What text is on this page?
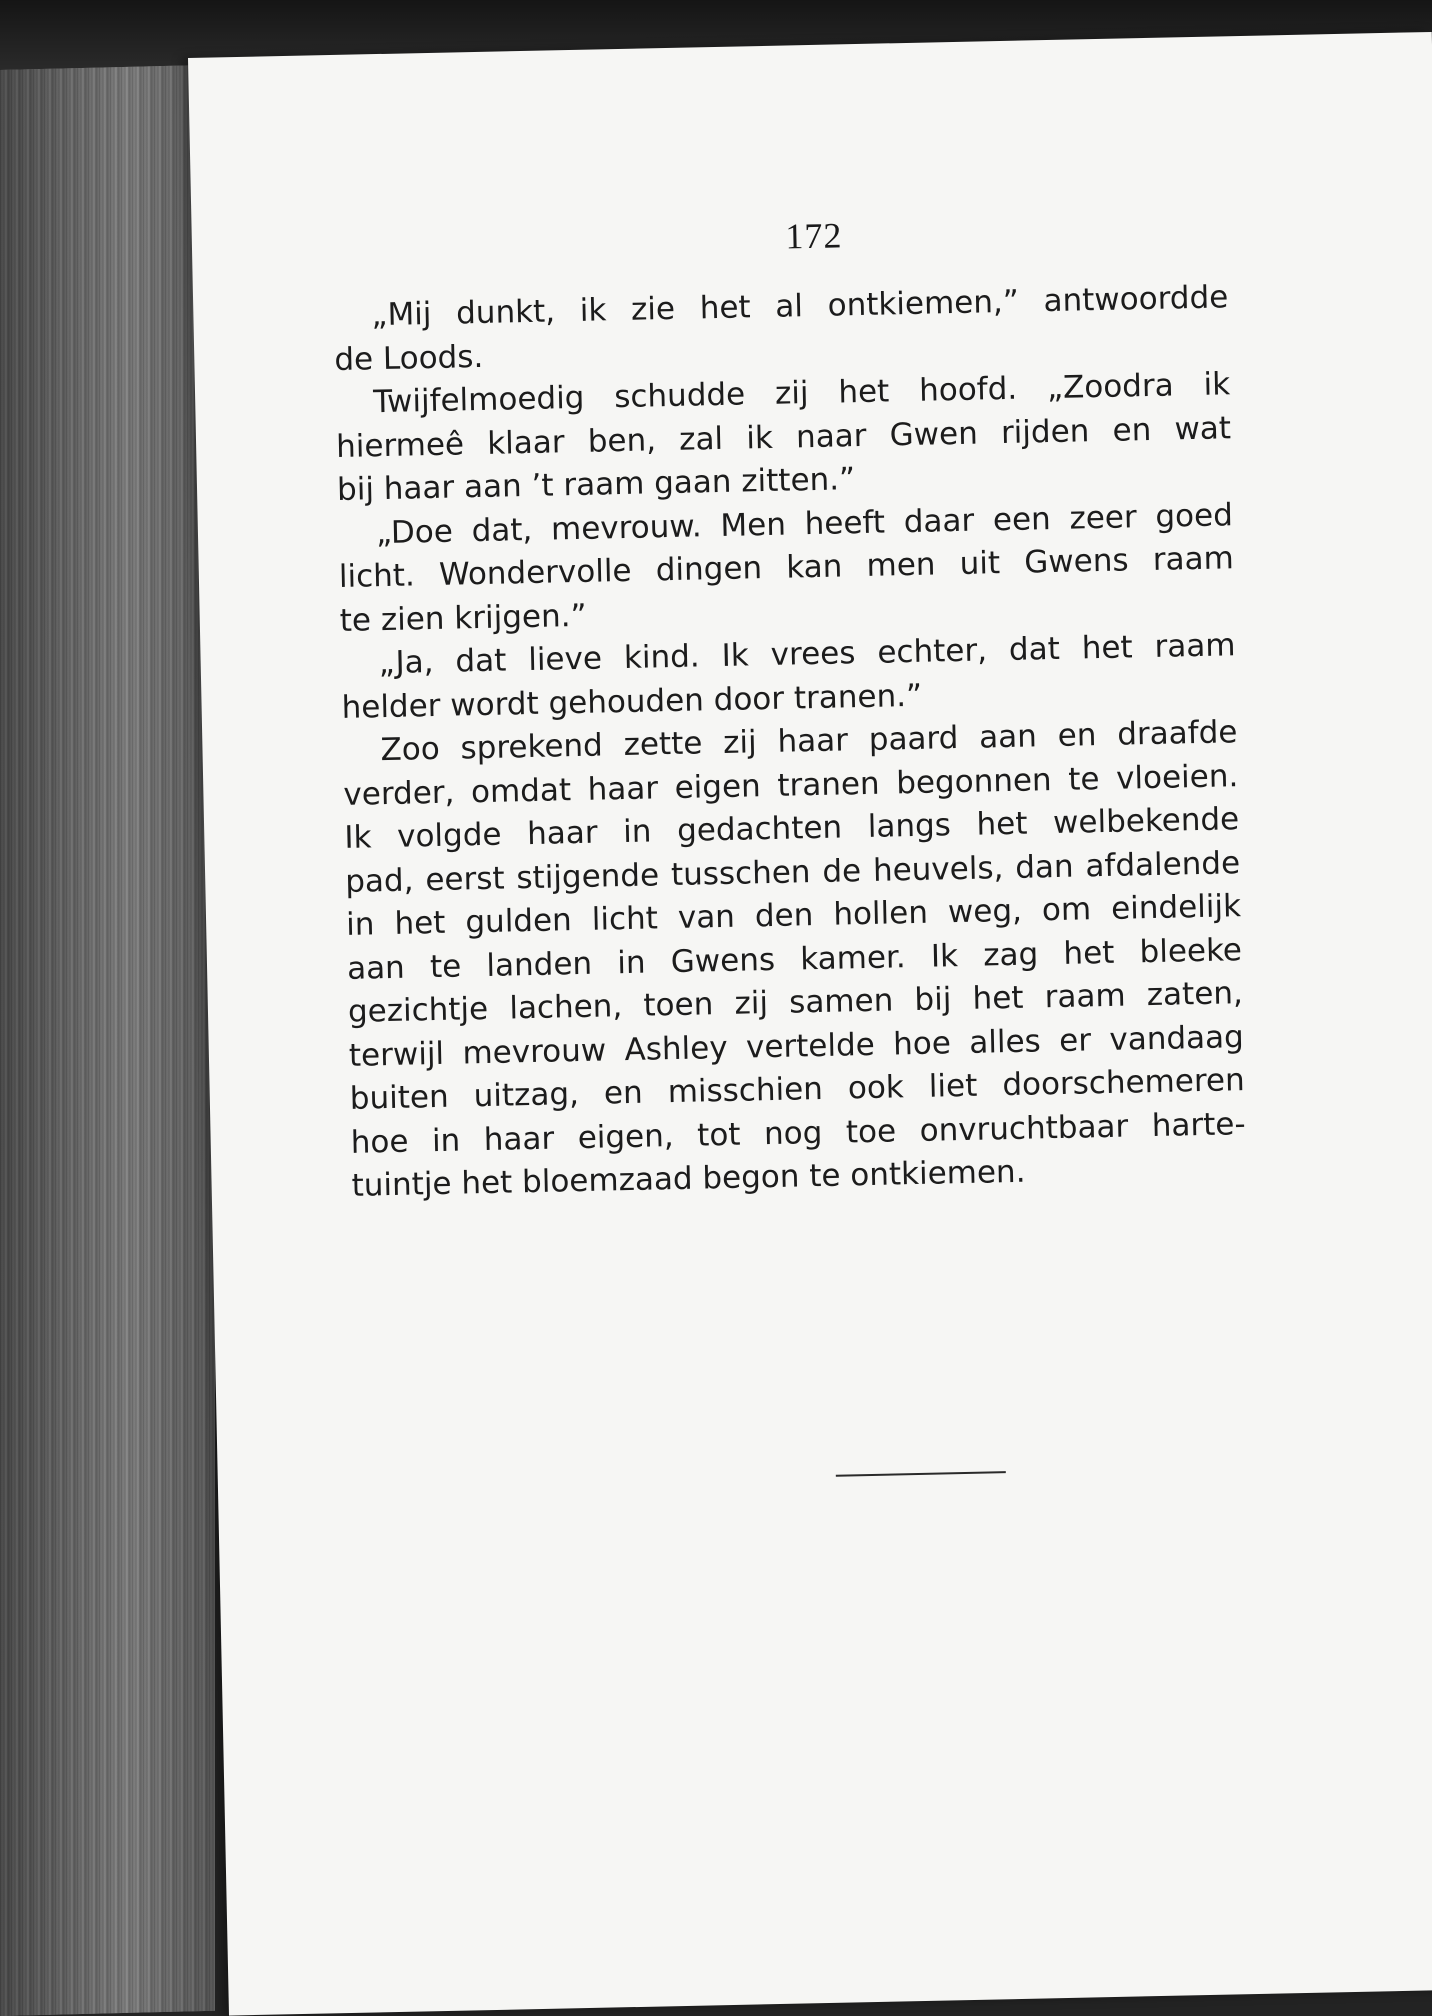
172
„Mij dunkt, ik zie het al ontkiemen,” antwoordde
de Loods.
Twijfelmoedig schudde zij het hoofd. „Zoodra ik
hiermeê klaar ben, zal ik naar Gwen rijden en wat
bij haar aan ’t raam gaan zitten.”
„Doe dat, mevrouw. Men heeft daar een zeer goed
licht. Wondervolle dingen kan men uit Gwens raam
te zien krijgen.”
„Ja, dat lieve kind. Ik vrees echter, dat het raam
helder wordt gehouden door tranen.”
Zoo sprekend zette zij haar paard aan en draafde
verder, omdat haar eigen tranen begonnen te vloeien.
Ik volgde haar in gedachten langs het welbekende
pad, eerst stijgende tusschen de heuvels, dan afdalende
in het gulden licht van den hollen weg, om eindelijk
aan te landen in Gwens kamer. Ik zag het bleeke
gezichtje lachen, toen zij samen bij het raam zaten,
terwijl mevrouw Ashley vertelde hoe alles er vandaag
buiten uitzag, en misschien ook liet doorschemeren
hoe in haar eigen, tot nog toe onvruchtbaar harte-
tuintje het bloemzaad begon te ontkiemen.
